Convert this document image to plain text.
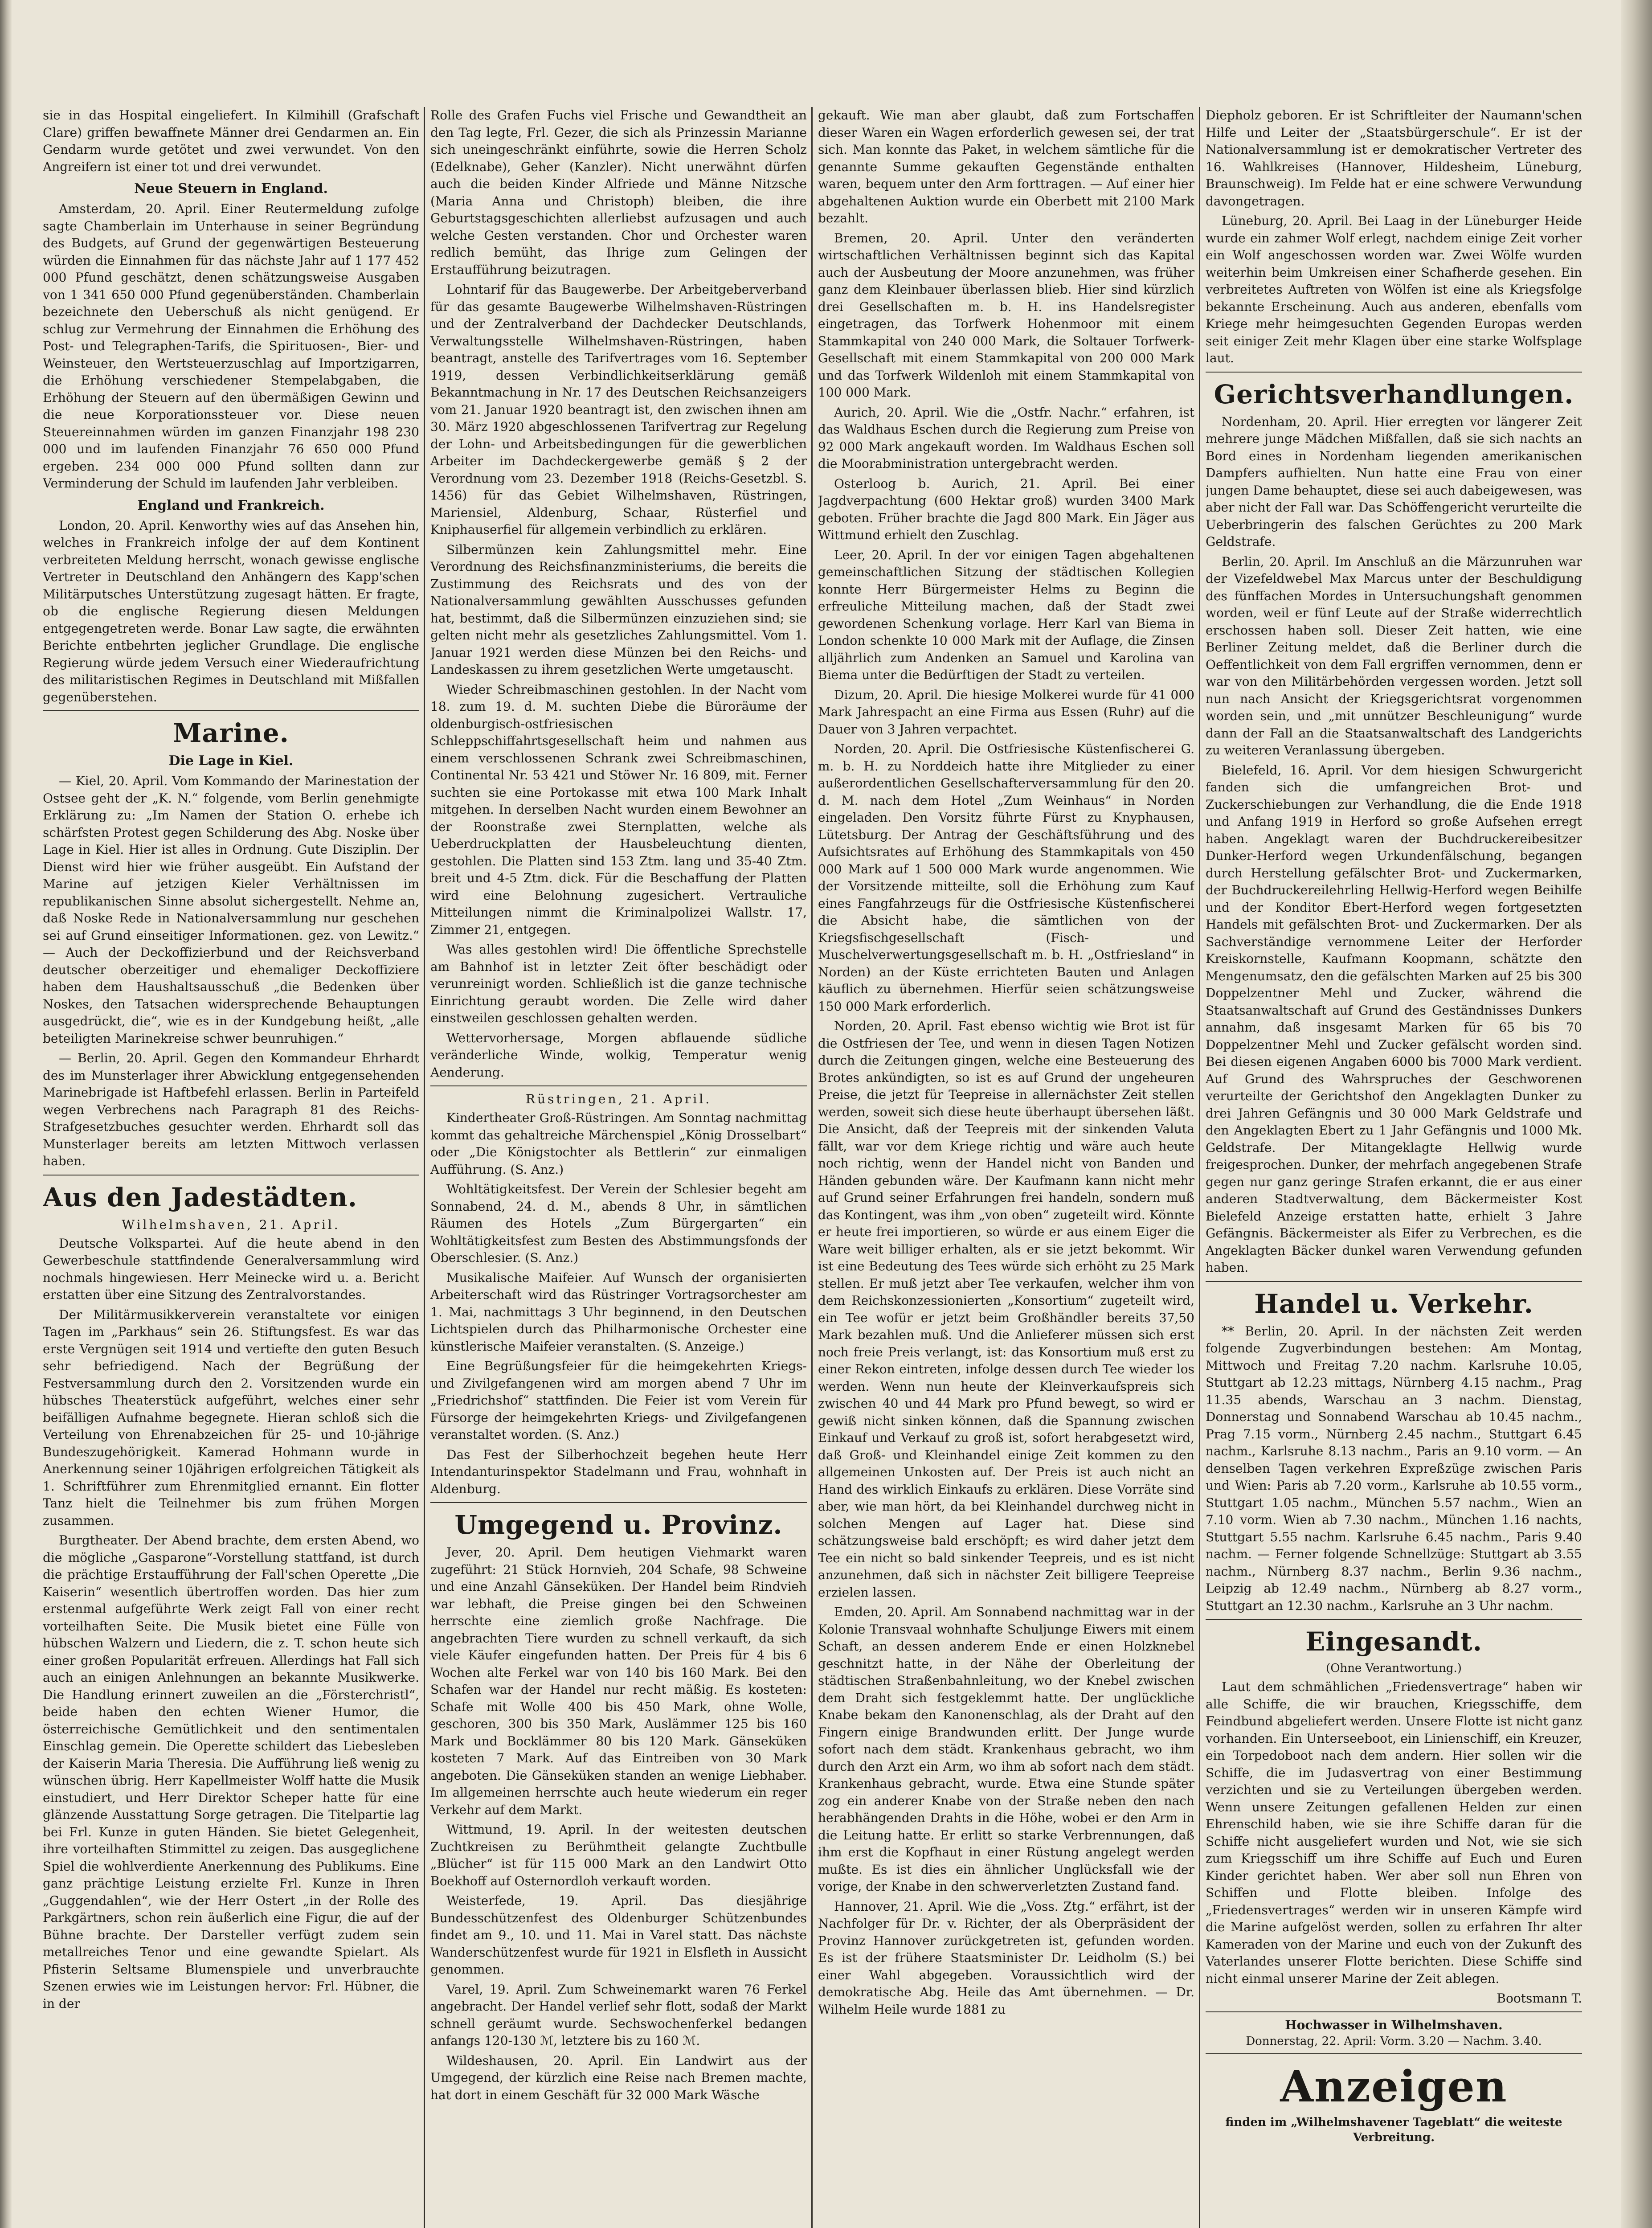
sie in das Hospital eingeliefert. In Kilmihill (Grafschaft Clare) griffen bewaffnete Männer drei Gendarmen an. Ein Gendarm wurde getötet und zwei verwundet. Von den Angreifern ist einer tot und drei verwundet.

Neue Steuern in England.

Amsterdam, 20. April. Einer Reutermeldung zufolge sagte Chamberlain im Unterhause in seiner Begründung des Budgets, auf Grund der gegenwärtigen Besteuerung würden die Einnahmen für das nächste Jahr auf 1 177 452 000 Pfund geschätzt, denen schätzungsweise Ausgaben von 1 341 650 000 Pfund gegenüberständen. Chamberlain bezeichnete den Ueberschuß als nicht genügend. Er schlug zur Vermehrung der Einnahmen die Erhöhung des Post- und Telegraphen-Tarifs, die Spirituosen-, Bier- und Weinsteuer, den Wertsteuerzuschlag auf Importzigarren, die Erhöhung verschiedener Stempelabgaben, die Erhöhung der Steuern auf den übermäßigen Gewinn und die neue Korporationssteuer vor. Diese neuen Steuereinnahmen würden im ganzen Finanzjahr 198 230 000 und im laufenden Finanzjahr 76 650 000 Pfund ergeben. 234 000 000 Pfund sollten dann zur Verminderung der Schuld im laufenden Jahr verbleiben.

England und Frankreich.

London, 20. April. Kenworthy wies auf das Ansehen hin, welches in Frankreich infolge der auf dem Kontinent verbreiteten Meldung herrscht, wonach gewisse englische Vertreter in Deutschland den Anhängern des Kapp'schen Militärputsches Unterstützung zugesagt hätten. Er fragte, ob die englische Regierung diesen Meldungen entgegengetreten werde. Bonar Law sagte, die erwähnten Berichte entbehrten jeglicher Grundlage. Die englische Regierung würde jedem Versuch einer Wiederaufrichtung des militaristischen Regimes in Deutschland mit Mißfallen gegenüberstehen.

Marine.
Die Lage in Kiel.

— Kiel, 20. April. Vom Kommando der Marinestation der Ostsee geht der „K. N.“ folgende, vom Berlin genehmigte Erklärung zu: „Im Namen der Station O. erhebe ich schärfsten Protest gegen Schilderung des Abg. Noske über Lage in Kiel. Hier ist alles in Ordnung. Gute Disziplin. Der Dienst wird hier wie früher ausgeübt. Ein Aufstand der Marine auf jetzigen Kieler Verhältnissen im republikanischen Sinne absolut sichergestellt. Nehme an, daß Noske Rede in Nationalversammlung nur geschehen sei auf Grund einseitiger Informationen. gez. von Lewitz.“ — Auch der Deckoffizierbund und der Reichsverband deutscher oberzeitiger und ehemaliger Deckoffiziere haben dem Haushaltsausschuß „die Bedenken über Noskes, den Tatsachen widersprechende Behauptungen ausgedrückt, die“, wie es in der Kundgebung heißt, „alle beteiligten Marinekreise schwer beunruhigen.“

— Berlin, 20. April. Gegen den Kommandeur Ehrhardt des im Munsterlager ihrer Abwicklung entgegensehenden Marinebrigade ist Haftbefehl erlassen. Berlin in Parteifeld wegen Verbrechens nach Paragraph 81 des Reichs-Strafgesetzbuches gesuchter werden. Ehrhardt soll das Munsterlager bereits am letzten Mittwoch verlassen haben.

Aus den Jadestädten.
Wilhelmshaven, 21. April.

Deutsche Volkspartei. Auf die heute abend in den Gewerbeschule stattfindende Generalversammlung wird nochmals hingewiesen. Herr Meinecke wird u. a. Bericht erstatten über eine Sitzung des Zentralvorstandes.

Der Militärmusikkerverein veranstaltete vor einigen Tagen im „Parkhaus“ sein 26. Stiftungsfest. Es war das erste Vergnügen seit 1914 und vertiefte den guten Besuch sehr befriedigend. Nach der Begrüßung der Festversammlung durch den 2. Vorsitzenden wurde ein hübsches Theaterstück aufgeführt, welches einer sehr beifälligen Aufnahme begegnete. Hieran schloß sich die Verteilung von Ehrenabzeichen für 25- und 10-jährige Bundeszugehörigkeit. Kamerad Hohmann wurde in Anerkennung seiner 10jährigen erfolgreichen Tätigkeit als 1. Schriftführer zum Ehrenmitglied ernannt. Ein flotter Tanz hielt die Teilnehmer bis zum frühen Morgen zusammen.

Burgtheater. Der Abend brachte, dem ersten Abend, wo die mögliche „Gasparone“-Vorstellung stattfand, ist durch die prächtige Erstaufführung der Fall'schen Operette „Die Kaiserin“ wesentlich übertroffen worden. Das hier zum erstenmal aufgeführte Werk zeigt Fall von einer recht vorteilhaften Seite. Die Musik bietet eine Fülle von hübschen Walzern und Liedern, die z. T. schon heute sich einer großen Popularität erfreuen. Allerdings hat Fall sich auch an einigen Anlehnungen an bekannte Musikwerke. Die Handlung erinnert zuweilen an die „Försterchristl“, beide haben den echten Wiener Humor, die österreichische Gemütlichkeit und den sentimentalen Einschlag gemein. Die Operette schildert das Liebesleben der Kaiserin Maria Theresia. Die Aufführung ließ wenig zu wünschen übrig. Herr Kapellmeister Wolff hatte die Musik einstudiert, und Herr Direktor Scheper hatte für eine glänzende Ausstattung Sorge getragen. Die Titelpartie lag bei Frl. Kunze in guten Händen. Sie bietet Gelegenheit, ihre vorteilhaften Stimmittel zu zeigen. Das ausgeglichene Spiel die wohlverdiente Anerkennung des Publikums. Eine ganz prächtige Leistung erzielte Frl. Kunze in Ihren „Guggendahlen“, wie der Herr Ostert „in der Rolle des Parkgärtners, schon rein äußerlich eine Figur, die auf der Bühne brachte. Der Darsteller verfügt zudem sein metallreiches Tenor und eine gewandte Spielart. Als Pfisterin Seltsame Blumenspiele und unverbrauchte Szenen erwies wie im Leistungen hervor: Frl. Hübner, die in der

Rolle des Grafen Fuchs viel Frische und Gewandtheit an den Tag legte, Frl. Gezer, die sich als Prinzessin Marianne sich uneingeschränkt einführte, sowie die Herren Scholz (Edelknabe), Geher (Kanzler). Nicht unerwähnt dürfen auch die beiden Kinder Alfriede und Männe Nitzsche (Maria Anna und Christoph) bleiben, die ihre Geburtstagsgeschichten allerliebst aufzusagen und auch welche Gesten verstanden. Chor und Orchester waren redlich bemüht, das Ihrige zum Gelingen der Erstaufführung beizutragen.

Lohntarif für das Baugewerbe. Der Arbeitgeberverband für das gesamte Baugewerbe Wilhelmshaven-Rüstringen und der Zentralverband der Dachdecker Deutschlands, Verwaltungsstelle Wilhelmshaven-Rüstringen, haben beantragt, anstelle des Tarifvertrages vom 16. September 1919, dessen Verbindlichkeitserklärung gemäß Bekanntmachung in Nr. 17 des Deutschen Reichsanzeigers vom 21. Januar 1920 beantragt ist, den zwischen ihnen am 30. März 1920 abgeschlossenen Tarifvertrag zur Regelung der Lohn- und Arbeitsbedingungen für die gewerblichen Arbeiter im Dachdeckergewerbe gemäß § 2 der Verordnung vom 23. Dezember 1918 (Reichs-Gesetzbl. S. 1456) für das Gebiet Wilhelmshaven, Rüstringen, Mariensiel, Aldenburg, Schaar, Rüsterfiel und Kniphauserfiel für allgemein verbindlich zu erklären.

Silbermünzen kein Zahlungsmittel mehr. Eine Verordnung des Reichsfinanzministeriums, die bereits die Zustimmung des Reichsrats und des von der Nationalversammlung gewählten Ausschusses gefunden hat, bestimmt, daß die Silbermünzen einzuziehen sind; sie gelten nicht mehr als gesetzliches Zahlungsmittel. Vom 1. Januar 1921 werden diese Münzen bei den Reichs- und Landeskassen zu ihrem gesetzlichen Werte umgetauscht.

Wieder Schreibmaschinen gestohlen. In der Nacht vom 18. zum 19. d. M. suchten Diebe die Büroräume der oldenburgisch-ostfriesischen Schleppschiffahrtsgesellschaft heim und nahmen aus einem verschlossenen Schrank zwei Schreibmaschinen, Continental Nr. 53 421 und Stöwer Nr. 16 809, mit. Ferner suchten sie eine Portokasse mit etwa 100 Mark Inhalt mitgehen. In derselben Nacht wurden einem Bewohner an der Roonstraße zwei Sternplatten, welche als Ueberdruckplatten der Hausbeleuchtung dienten, gestohlen. Die Platten sind 153 Ztm. lang und 35-40 Ztm. breit und 4-5 Ztm. dick. Für die Beschaffung der Platten wird eine Belohnung zugesichert. Vertrauliche Mitteilungen nimmt die Kriminalpolizei Wallstr. 17, Zimmer 21, entgegen.

Was alles gestohlen wird! Die öffentliche Sprechstelle am Bahnhof ist in letzter Zeit öfter beschädigt oder verunreinigt worden. Schließlich ist die ganze technische Einrichtung geraubt worden. Die Zelle wird daher einstweilen geschlossen gehalten werden.

Wettervorhersage, Morgen abflauende südliche veränderliche Winde, wolkig, Temperatur wenig Aenderung.

Rüstringen, 21. April.

Kindertheater Groß-Rüstringen. Am Sonntag nachmittag kommt das gehaltreiche Märchenspiel „König Drosselbart“ oder „Die Königstochter als Bettlerin“ zur einmaligen Aufführung. (S. Anz.)

Wohltätigkeitsfest. Der Verein der Schlesier begeht am Sonnabend, 24. d. M., abends 8 Uhr, in sämtlichen Räumen des Hotels „Zum Bürgergarten“ ein Wohltätigkeitsfest zum Besten des Abstimmungsfonds der Oberschlesier. (S. Anz.)

Musikalische Maifeier. Auf Wunsch der organisierten Arbeiterschaft wird das Rüstringer Vortragsorchester am 1. Mai, nachmittags 3 Uhr beginnend, in den Deutschen Lichtspielen durch das Philharmonische Orchester eine künstlerische Maifeier veranstalten. (S. Anzeige.)

Eine Begrüßungsfeier für die heimgekehrten Kriegs- und Zivilgefangenen wird am morgen abend 7 Uhr im „Friedrichshof“ stattfinden. Die Feier ist vom Verein für Fürsorge der heimgekehrten Kriegs- und Zivilgefangenen veranstaltet worden. (S. Anz.)

Das Fest der Silberhochzeit begehen heute Herr Intendanturinspektor Stadelmann und Frau, wohnhaft in Aldenburg.

Umgegend u. Provinz.

Jever, 20. April. Dem heutigen Viehmarkt waren zugeführt: 21 Stück Hornvieh, 204 Schafe, 98 Schweine und eine Anzahl Gänseküken. Der Handel beim Rindvieh war lebhaft, die Preise gingen bei den Schweinen herrschte eine ziemlich große Nachfrage. Die angebrachten Tiere wurden zu schnell verkauft, da sich viele Käufer eingefunden hatten. Der Preis für 4 bis 6 Wochen alte Ferkel war von 140 bis 160 Mark. Bei den Schafen war der Handel nur recht mäßig. Es kosteten: Schafe mit Wolle 400 bis 450 Mark, ohne Wolle, geschoren, 300 bis 350 Mark, Auslämmer 125 bis 160 Mark und Bocklämmer 80 bis 120 Mark. Gänseküken kosteten 7 Mark. Auf das Eintreiben von 30 Mark angeboten. Die Gänseküken standen an wenige Liebhaber. Im allgemeinen herrschte auch heute wiederum ein reger Verkehr auf dem Markt.

Wittmund, 19. April. In der weitesten deutschen Zuchtkreisen zu Berühmtheit gelangte Zuchtbulle „Blücher“ ist für 115 000 Mark an den Landwirt Otto Boekhoff auf Osternordloh verkauft worden.

Weisterfede, 19. April. Das diesjährige Bundesschützenfest des Oldenburger Schützenbundes findet am 9., 10. und 11. Mai in Varel statt. Das nächste Wanderschützenfest wurde für 1921 in Elsfleth in Aussicht genommen.

Varel, 19. April. Zum Schweinemarkt waren 76 Ferkel angebracht. Der Handel verlief sehr flott, sodaß der Markt schnell geräumt wurde. Sechswochenferkel bedangen anfangs 120-130 ℳ, letztere bis zu 160 ℳ.

Wildeshausen, 20. April. Ein Landwirt aus der Umgegend, der kürzlich eine Reise nach Bremen machte, hat dort in einem Geschäft für 32 000 Mark Wäsche

gekauft. Wie man aber glaubt, daß zum Fortschaffen dieser Waren ein Wagen erforderlich gewesen sei, der trat sich. Man konnte das Paket, in welchem sämtliche für die genannte Summe gekauften Gegenstände enthalten waren, bequem unter den Arm forttragen. — Auf einer hier abgehaltenen Auktion wurde ein Oberbett mit 2100 Mark bezahlt.

Bremen, 20. April. Unter den veränderten wirtschaftlichen Verhältnissen beginnt sich das Kapital auch der Ausbeutung der Moore anzunehmen, was früher ganz dem Kleinbauer überlassen blieb. Hier sind kürzlich drei Gesellschaften m. b. H. ins Handelsregister eingetragen, das Torfwerk Hohenmoor mit einem Stammkapital von 240 000 Mark, die Soltauer Torfwerk-Gesellschaft mit einem Stammkapital von 200 000 Mark und das Torfwerk Wildenloh mit einem Stammkapital von 100 000 Mark.

Aurich, 20. April. Wie die „Ostfr. Nachr.“ erfahren, ist das Waldhaus Eschen durch die Regierung zum Preise von 92 000 Mark angekauft worden. Im Waldhaus Eschen soll die Moorabministration untergebracht werden.

Osterloog b. Aurich, 21. April. Bei einer Jagdverpachtung (600 Hektar groß) wurden 3400 Mark geboten. Früher brachte die Jagd 800 Mark. Ein Jäger aus Wittmund erhielt den Zuschlag.

Leer, 20. April. In der vor einigen Tagen abgehaltenen gemeinschaftlichen Sitzung der städtischen Kollegien konnte Herr Bürgermeister Helms zu Beginn die erfreuliche Mitteilung machen, daß der Stadt zwei gewordenen Schenkung vorlage. Herr Karl van Biema in London schenkte 10 000 Mark mit der Auflage, die Zinsen alljährlich zum Andenken an Samuel und Karolina van Biema unter die Bedürftigen der Stadt zu verteilen.

Dizum, 20. April. Die hiesige Molkerei wurde für 41 000 Mark Jahrespacht an eine Firma aus Essen (Ruhr) auf die Dauer von 3 Jahren verpachtet.

Norden, 20. April. Die Ostfriesische Küstenfischerei G. m. b. H. zu Norddeich hatte ihre Mitglieder zu einer außerordentlichen Gesellschafterversammlung für den 20. d. M. nach dem Hotel „Zum Weinhaus“ in Norden eingeladen. Den Vorsitz führte Fürst zu Knyphausen, Lütetsburg. Der Antrag der Geschäftsführung und des Aufsichtsrates auf Erhöhung des Stammkapitals von 450 000 Mark auf 1 500 000 Mark wurde angenommen. Wie der Vorsitzende mitteilte, soll die Erhöhung zum Kauf eines Fangfahrzeugs für die Ostfriesische Küstenfischerei die Absicht habe, die sämtlichen von der Kriegsfischgesellschaft (Fisch- und Muschelverwertungsgesellschaft m. b. H. „Ostfriesland“ in Norden) an der Küste errichteten Bauten und Anlagen käuflich zu übernehmen. Hierfür seien schätzungsweise 150 000 Mark erforderlich.

Norden, 20. April. Fast ebenso wichtig wie Brot ist für die Ostfriesen der Tee, und wenn in diesen Tagen Notizen durch die Zeitungen gingen, welche eine Besteuerung des Brotes ankündigten, so ist es auf Grund der ungeheuren Preise, die jetzt für Teepreise in allernächster Zeit stellen werden, soweit sich diese heute überhaupt übersehen läßt. Die Ansicht, daß der Teepreis mit der sinkenden Valuta fällt, war vor dem Kriege richtig und wäre auch heute noch richtig, wenn der Handel nicht von Banden und Händen gebunden wäre. Der Kaufmann kann nicht mehr auf Grund seiner Erfahrungen frei handeln, sondern muß das Kontingent, was ihm „von oben“ zugeteilt wird. Könnte er heute frei importieren, so würde er aus einem Eiger die Ware weit billiger erhalten, als er sie jetzt bekommt. Wir ist eine Bedeutung des Tees würde sich erhöht zu 25 Mark stellen. Er muß jetzt aber Tee verkaufen, welcher ihm von dem Reichskonzessionierten „Konsortium“ zugeteilt wird, ein Tee wofür er jetzt beim Großhändler bereits 37,50 Mark bezahlen muß. Und die Anlieferer müssen sich erst noch freie Preis verlangt, ist: das Konsortium muß erst zu einer Rekon eintreten, infolge dessen durch Tee wieder los werden. Wenn nun heute der Kleinverkaufspreis sich zwischen 40 und 44 Mark pro Pfund bewegt, so wird er gewiß nicht sinken können, daß die Spannung zwischen Einkauf und Verkauf zu groß ist, sofort herabgesetzt wird, daß Groß- und Kleinhandel einige Zeit kommen zu den allgemeinen Unkosten auf. Der Preis ist auch nicht an Hand des wirklich Einkaufs zu erklären. Diese Vorräte sind aber, wie man hört, da bei Kleinhandel durchweg nicht in solchen Mengen auf Lager hat. Diese sind schätzungsweise bald erschöpft; es wird daher jetzt dem Tee ein nicht so bald sinkender Teepreis, und es ist nicht anzunehmen, daß sich in nächster Zeit billigere Teepreise erzielen lassen.

Emden, 20. April. Am Sonnabend nachmittag war in der Kolonie Transvaal wohnhafte Schuljunge Eiwers mit einem Schaft, an dessen anderem Ende er einen Holzknebel geschnitzt hatte, in der Nähe der Oberleitung der städtischen Straßenbahnleitung, wo der Knebel zwischen dem Draht sich festgeklemmt hatte. Der unglückliche Knabe bekam den Kanonenschlag, als der Draht auf den Fingern einige Brandwunden erlitt. Der Junge wurde sofort nach dem städt. Krankenhaus gebracht, wo ihm durch den Arzt ein Arm, wo ihm ab sofort nach dem städt. Krankenhaus gebracht, wurde. Etwa eine Stunde später zog ein anderer Knabe von der Straße neben den nach herabhängenden Drahts in die Höhe, wobei er den Arm in die Leitung hatte. Er erlitt so starke Verbrennungen, daß ihm erst die Kopfhaut in einer Rüstung angelegt werden mußte. Es ist dies ein ähnlicher Unglücksfall wie der vorige, der Knabe in den schwerverletzten Zustand fand.

Hannover, 21. April. Wie die „Voss. Ztg.“ erfährt, ist der Nachfolger für Dr. v. Richter, der als Oberpräsident der Provinz Hannover zurückgetreten ist, gefunden worden. Es ist der frühere Staatsminister Dr. Leidholm (S.) bei einer Wahl abgegeben. Voraussichtlich wird der demokratische Abg. Heile das Amt übernehmen. — Dr. Wilhelm Heile wurde 1881 zu

Diepholz geboren. Er ist Schriftleiter der Naumann'schen Hilfe und Leiter der „Staatsbürgerschule“. Er ist der Nationalversammlung ist er demokratischer Vertreter des 16. Wahlkreises (Hannover, Hildesheim, Lüneburg, Braunschweig). Im Felde hat er eine schwere Verwundung davongetragen.

Lüneburg, 20. April. Bei Laag in der Lüneburger Heide wurde ein zahmer Wolf erlegt, nachdem einige Zeit vorher ein Wolf angeschossen worden war. Zwei Wölfe wurden weiterhin beim Umkreisen einer Schafherde gesehen. Ein verbreitetes Auftreten von Wölfen ist eine als Kriegsfolge bekannte Erscheinung. Auch aus anderen, ebenfalls vom Kriege mehr heimgesuchten Gegenden Europas werden seit einiger Zeit mehr Klagen über eine starke Wolfsplage laut.

Gerichtsverhandlungen.

Nordenham, 20. April. Hier erregten vor längerer Zeit mehrere junge Mädchen Mißfallen, daß sie sich nachts an Bord eines in Nordenham liegenden amerikanischen Dampfers aufhielten. Nun hatte eine Frau von einer jungen Dame behauptet, diese sei auch dabeigewesen, was aber nicht der Fall war. Das Schöffengericht verurteilte die Ueberbringerin des falschen Gerüchtes zu 200 Mark Geldstrafe.

Berlin, 20. April. Im Anschluß an die Märzunruhen war der Vizefeldwebel Max Marcus unter der Beschuldigung des fünffachen Mordes in Untersuchungshaft genommen worden, weil er fünf Leute auf der Straße widerrechtlich erschossen haben soll. Dieser Zeit hatten, wie eine Berliner Zeitung meldet, daß die Berliner durch die Oeffentlichkeit von dem Fall ergriffen vernommen, denn er war von den Militärbehörden vergessen worden. Jetzt soll nun nach Ansicht der Kriegsgerichtsrat vorgenommen worden sein, und „mit unnützer Beschleunigung“ wurde dann der Fall an die Staatsanwaltschaft des Landgerichts zu weiteren Veranlassung übergeben.

Bielefeld, 16. April. Vor dem hiesigen Schwurgericht fanden sich die umfangreichen Brot- und Zuckerschiebungen zur Verhandlung, die die Ende 1918 und Anfang 1919 in Herford so große Aufsehen erregt haben. Angeklagt waren der Buchdruckereibesitzer Dunker-Herford wegen Urkundenfälschung, begangen durch Herstellung gefälschter Brot- und Zuckermarken, der Buchdruckereilehrling Hellwig-Herford wegen Beihilfe und der Konditor Ebert-Herford wegen fortgesetzten Handels mit gefälschten Brot- und Zuckermarken. Der als Sachverständige vernommene Leiter der Herforder Kreiskornstelle, Kaufmann Koopmann, schätzte den Mengenumsatz, den die gefälschten Marken auf 25 bis 300 Doppelzentner Mehl und Zucker, während die Staatsanwaltschaft auf Grund des Geständnisses Dunkers annahm, daß insgesamt Marken für 65 bis 70 Doppelzentner Mehl und Zucker gefälscht worden sind. Bei diesen eigenen Angaben 6000 bis 7000 Mark verdient. Auf Grund des Wahrspruches der Geschworenen verurteilte der Gerichtshof den Angeklagten Dunker zu drei Jahren Gefängnis und 30 000 Mark Geldstrafe und den Angeklagten Ebert zu 1 Jahr Gefängnis und 1000 Mk. Geldstrafe. Der Mitangeklagte Hellwig wurde freigesprochen. Dunker, der mehrfach angegebenen Strafe gegen nur ganz geringe Strafen erkannt, die er aus einer anderen Stadtverwaltung, dem Bäckermeister Kost Bielefeld Anzeige erstatten hatte, erhielt 3 Jahre Gefängnis. Bäckermeister als Eifer zu Verbrechen, es die Angeklagten Bäcker dunkel waren Verwendung gefunden haben.

Handel u. Verkehr.

** Berlin, 20. April. In der nächsten Zeit werden folgende Zugverbindungen bestehen: Am Montag, Mittwoch und Freitag 7.20 nachm. Karlsruhe 10.05, Stuttgart ab 12.23 mittags, Nürnberg 4.15 nachm., Prag 11.35 abends, Warschau an 3 nachm. Dienstag, Donnerstag und Sonnabend Warschau ab 10.45 nachm., Prag 7.15 vorm., Nürnberg 2.45 nachm., Stuttgart 6.45 nachm., Karlsruhe 8.13 nachm., Paris an 9.10 vorm. — An denselben Tagen verkehren Expreßzüge zwischen Paris und Wien: Paris ab 7.20 vorm., Karlsruhe ab 10.55 vorm., Stuttgart 1.05 nachm., München 5.57 nachm., Wien an 7.10 vorm. Wien ab 7.30 nachm., München 1.16 nachts, Stuttgart 5.55 nachm. Karlsruhe 6.45 nachm., Paris 9.40 nachm. — Ferner folgende Schnellzüge: Stuttgart ab 3.55 nachm., Nürnberg 8.37 nachm., Berlin 9.36 nachm., Leipzig ab 12.49 nachm., Nürnberg ab 8.27 vorm., Stuttgart an 12.30 nachm., Karlsruhe an 3 Uhr nachm.

Eingesandt.
(Ohne Verantwortung.)

Laut dem schmählichen „Friedensvertrage“ haben wir alle Schiffe, die wir brauchen, Kriegsschiffe, dem Feindbund abgeliefert werden. Unsere Flotte ist nicht ganz vorhanden. Ein Unterseeboot, ein Linienschiff, ein Kreuzer, ein Torpedoboot nach dem andern. Hier sollen wir die Schiffe, die im Judasvertrag von einer Bestimmung verzichten und sie zu Verteilungen übergeben werden. Wenn unsere Zeitungen gefallenen Helden zur einen Ehrenschild haben, wie sie ihre Schiffe daran für die Schiffe nicht ausgeliefert wurden und Not, wie sie sich zum Kriegsschiff um ihre Schiffe auf Euch und Euren Kinder gerichtet haben. Wer aber soll nun Ehren von Schiffen und Flotte bleiben. Infolge des „Friedensvertrages“ werden wir in unseren Kämpfe wird die Marine aufgelöst werden, sollen zu erfahren Ihr alter Kameraden von der Marine und euch von der Zukunft des Vaterlandes unserer Flotte berichten. Diese Schiffe sind nicht einmal unserer Marine der Zeit ablegen.

Bootsmann T.
Hochwasser in Wilhelmshaven.
Donnerstag, 22. April: Vorm. 3.20 — Nachm. 3.40.
Anzeigen
finden im „Wilhelmshavener Tageblatt“ die weiteste Verbreitung.
